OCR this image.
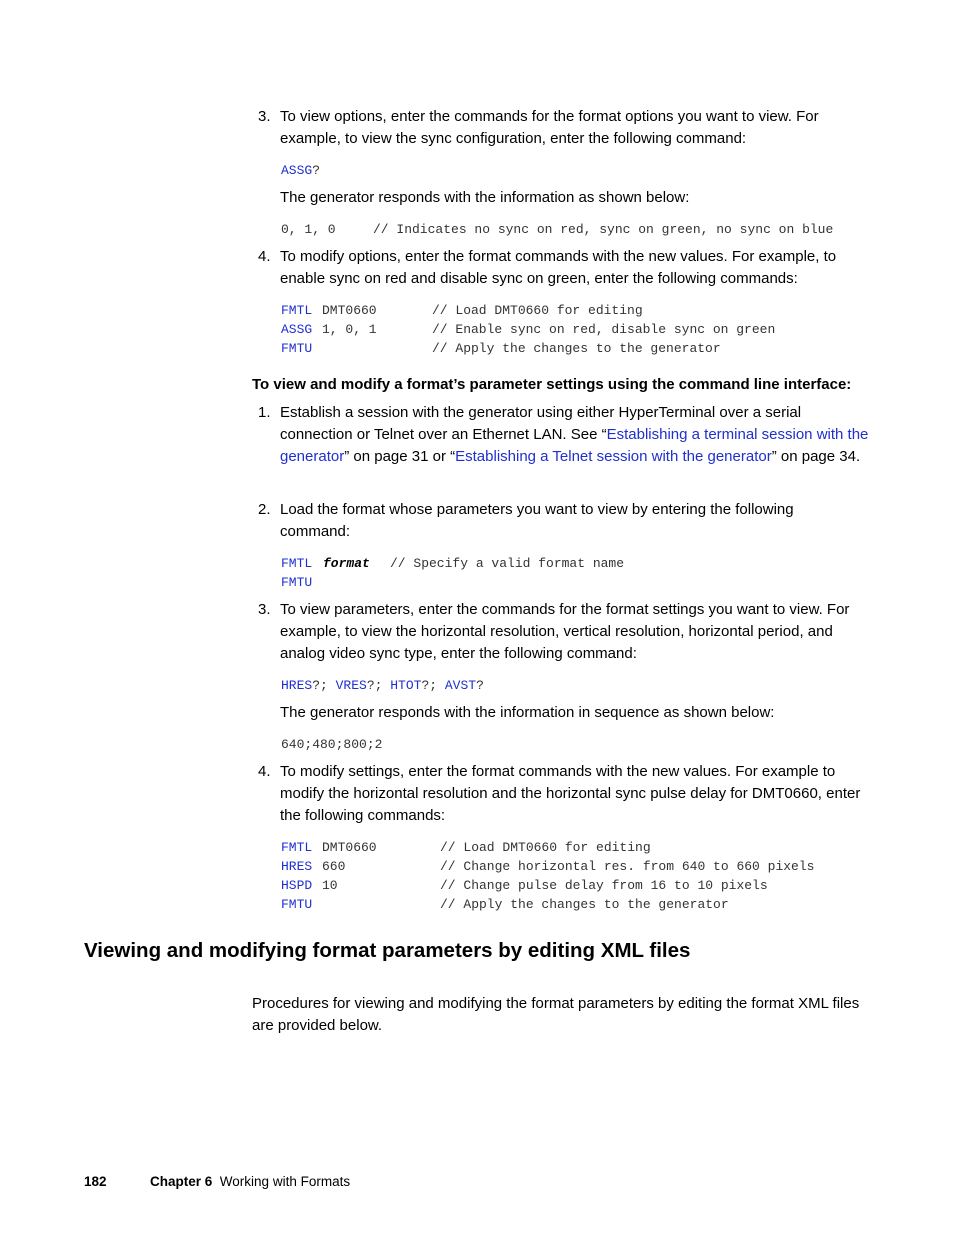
3. To view options, enter the commands for the format options you want to view. For example, to view the sync configuration, enter the following command:
ASSG?
The generator responds with the information as shown below:
0, 1, 0	// Indicates no sync on red, sync on green, no sync on blue
4. To modify options, enter the format commands with the new values. For example, to enable sync on red and disable sync on green, enter the following commands:
FMTL DMT0660	// Load DMT0660 for editing
ASSG 1, 0, 1	// Enable sync on red, disable sync on green
FMTU	// Apply the changes to the generator
To view and modify a format’s parameter settings using the command line interface:
1. Establish a session with the generator using either HyperTerminal over a serial connection or Telnet over an Ethernet LAN. See “Establishing a terminal session with the generator” on page 31 or “Establishing a Telnet session with the generator” on page 34.
2. Load the format whose parameters you want to view by entering the following command:
FMTL format // Specify a valid format name
FMTU
3. To view parameters, enter the commands for the format settings you want to view. For example, to view the horizontal resolution, vertical resolution, horizontal period, and analog video sync type, enter the following command:
HRES?; VRES?; HTOT?; AVST?
The generator responds with the information in sequence as shown below:
640;480;800;2
4. To modify settings, enter the format commands with the new values. For example to modify the horizontal resolution and the horizontal sync pulse delay for DMT0660, enter the following commands:
FMTL DMT0660	// Load DMT0660 for editing
HRES 660	// Change horizontal res. from 640 to 660 pixels
HSPD 10	// Change pulse delay from 16 to 10 pixels
FMTU	// Apply the changes to the generator
Viewing and modifying format parameters by editing XML files
Procedures for viewing and modifying the format parameters by editing the format XML files are provided below.
182	Chapter 6 Working with Formats
